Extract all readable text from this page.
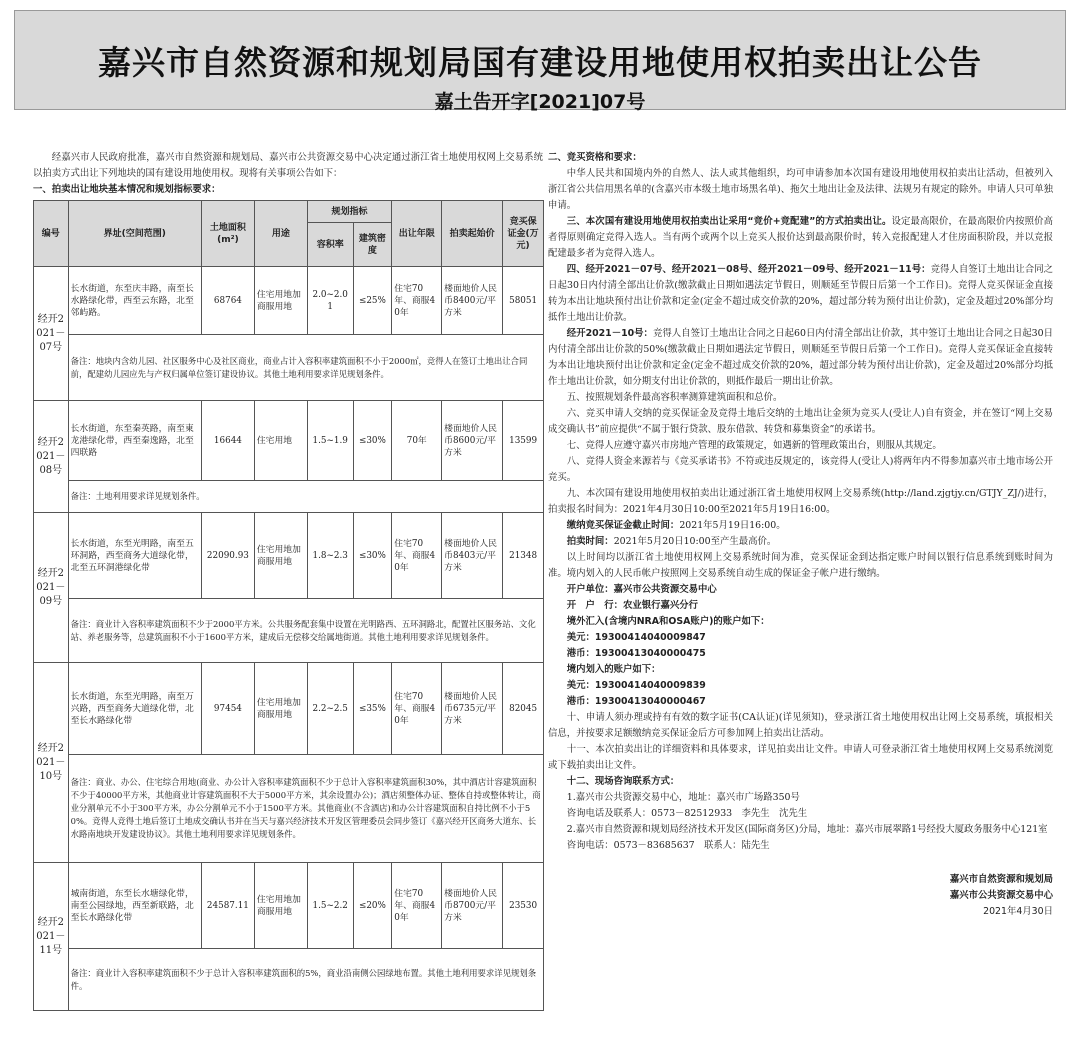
嘉兴市自然资源和规划局国有建设用地使用权拍卖出让公告
嘉土告开字[2021]07号

经嘉兴市人民政府批准，嘉兴市自然资源和规划局、嘉兴市公共资源交易中心决定通过浙江省土地使用权网上交易系统以拍卖方式出让下列地块的国有建设用地使用权。现将有关事项公告如下：

一、拍卖出让地块基本情况和规划指标要求：

编号	界址(空间范围)	土地面积(m²)	用途	规划指标		出让年限	拍卖起始价	竞买保证金(万元)
				容积率	建筑密度			
经开2021－07号	长水街道，东至庆丰路，南至长水路绿化带，西至云东路，北至邻屿路。	68764	住宅用地加商服用地	2.0~2.01	≤25%	住宅70年、商服40年	楼面地价人民币8400元/平方米	58051
	备注：地块内含幼儿园、社区服务中心及社区商业，商业占计入容积率建筑面积不小于2000㎡，竞得人在签订土地出让合同前，配建幼儿园应先与产权归属单位签订建设协议。其他土地利用要求详见规划条件。							
经开2021－08号	长水街道，东至秦英路，南至東龙港绿化带，西至秦逸路，北至四联路	16644	住宅用地	1.5~1.9	≤30%	70年	楼面地价人民币8600元/平方米	13599
	备注：土地利用要求详见规划条件。							
经开2021－09号	长水街道，东至光明路，南至五环洞路，西至商务大道绿化带，北至五环洞港绿化带	22090.93	住宅用地加商服用地	1.8~2.3	≤30%	住宅70年、商服40年	楼面地价人民币8403元/平方米	21348
	备注：商业计入容积率建筑面积不少于2000平方米。公共服务配套集中设置在光明路西、五环洞路北，配置社区服务站、文化站、养老服务等，总建筑面积不小于1600平方米，建成后无偿移交给属地街道。其他土地利用要求详见规划条件。							
经开2021－10号	长水街道，东至光明路，南至万兴路，西至商务大道绿化带，北至长水路绿化带	97454	住宅用地加商服用地	2.2~2.5	≤35%	住宅70年、商服40年	楼面地价人民币6735元/平方米	82045
	备注：商业、办公、住宅综合用地(商业、办公计入容积率建筑面积不少于总计入容积率建筑面积30%，其中酒店计容建筑面积不少于40000平方米，其他商业计容建筑面积不大于5000平方米，其余设置办公)；酒店须整体办证、整体自持或整体转让，商业分割单元不小于300平方米，办公分割单元不小于1500平方米。其他商业(不含酒店)和办公计容建筑面积自持比例不小于50%。竞得人竞得土地后签订土地成交确认书并在当天与嘉兴经济技术开发区管理委员会同步签订《嘉兴经开区商务大道东、长水路南地块开发建设协议》。其他土地利用要求详见规划条件。							
经开2021－11号	城南街道，东至长水塘绿化带，南至公园绿地，西至新联路，北至长水路绿化带	24587.11	住宅用地加商服用地	1.5~2.2	≤20%	住宅70年、商服40年	楼面地价人民币8700元/平方米	23530
	备注：商业计入容积率建筑面积不少于总计入容积率建筑面积的5%，商业沿南侧公园绿地布置。其他土地利用要求详见规划条件。							

二、竞买资格和要求：

中华人民共和国境内外的自然人、法人或其他组织，均可申请参加本次国有建设用地使用权拍卖出让活动，但被列入浙江省公共信用黑名单的(含嘉兴市本级土地市场黑名单)、拖欠土地出让金及法律、法规另有规定的除外。申请人只可单独申请。

三、本次国有建设用地使用权拍卖出让采用“竞价+竞配建”的方式拍卖出让。设定最高限价，在最高限价内按照价高者得原则确定竞得入选人。当有两个或两个以上竞买人报价达到最高限价时，转入竞报配建人才住房面积阶段，并以竞报配建最多者为竞得入选人。

四、经开2021－07号、经开2021－08号、经开2021－09号、经开2021－11号：竞得人自签订土地出让合同之日起30日内付清全部出让价款(缴款截止日期如遇法定节假日，则顺延至节假日后第一个工作日)。竞得人竞买保证金直接转为本出让地块预付出让价款和定金(定金不超过成交价款的20%，超过部分转为预付出让价款)，定金及超过20%部分均抵作土地出让价款。

经开2021－10号：竞得人自签订土地出让合同之日起60日内付清全部出让价款，其中签订土地出让合同之日起30日内付清全部出让价款的50%(缴款截止日期如遇法定节假日，则顺延至节假日后第一个工作日)。竞得人竞买保证金直接转为本出让地块预付出让价款和定金(定金不超过成交价款的20%，超过部分转为预付出让价款)，定金及超过20%部分均抵作土地出让价款，如分期支付出让价款的，则抵作最后一期出让价款。

五、按照规划条件最高容积率测算建筑面积和总价。

六、竞买申请人交纳的竞买保证金及竞得土地后交纳的土地出让金须为竞买人(受让人)自有资金，并在签订“网上交易成交确认书”前应提供“不属于银行贷款、股东借款、转贷和募集资金”的承诺书。

七、竞得人应遵守嘉兴市房地产管理的政策规定，如遇新的管理政策出台，则服从其规定。

八、竞得人资金来源若与《竞买承诺书》不符或违反规定的，该竞得人(受让人)将两年内不得参加嘉兴市土地市场公开竞买。

九、本次国有建设用地使用权拍卖出让通过浙江省土地使用权网上交易系统(http://land.zjgtjy.cn/GTJY_ZJ/)进行，拍卖报名时间为：2021年4月30日10:00至2021年5月19日16:00。

缴纳竞买保证金截止时间：2021年5月19日16:00。

拍卖时间：2021年5月20日10:00至产生最高价。

以上时间均以浙江省土地使用权网上交易系统时间为准，竞买保证金到达指定账户时间以银行信息系统到账时间为准。境内划入的人民币帐户按照网上交易系统自动生成的保证金子帐户进行缴纳。

开户单位：嘉兴市公共资源交易中心

开　户　行：农业银行嘉兴分行

境外汇入(含境内NRA和OSA账户)的账户如下：

美元：19300414040009847

港币：19300413040000475

境内划入的账户如下：

美元：19300414040009839

港币：19300413040000467

十、申请人须办理或持有有效的数字证书(CA认证)(详见须知)，登录浙江省土地使用权出让网上交易系统，填报相关信息，并按要求足额缴纳竞买保证金后方可参加网上拍卖出让活动。

十一、本次拍卖出让的详细资料和具体要求，详见拍卖出让文件。申请人可登录浙江省土地使用权网上交易系统浏览或下载拍卖出让文件。

十二、现场咨询联系方式：

1.嘉兴市公共资源交易中心，地址：嘉兴市广场路350号

咨询电话及联系人：0573－82512933　李先生　沈先生

2.嘉兴市自然资源和规划局经济技术开发区(国际商务区)分局，地址：嘉兴市展翠路1号经投大厦政务服务中心121室

咨询电话：0573－83685637　联系人：陆先生

嘉兴市自然资源和规划局
嘉兴市公共资源交易中心
2021年4月30日
